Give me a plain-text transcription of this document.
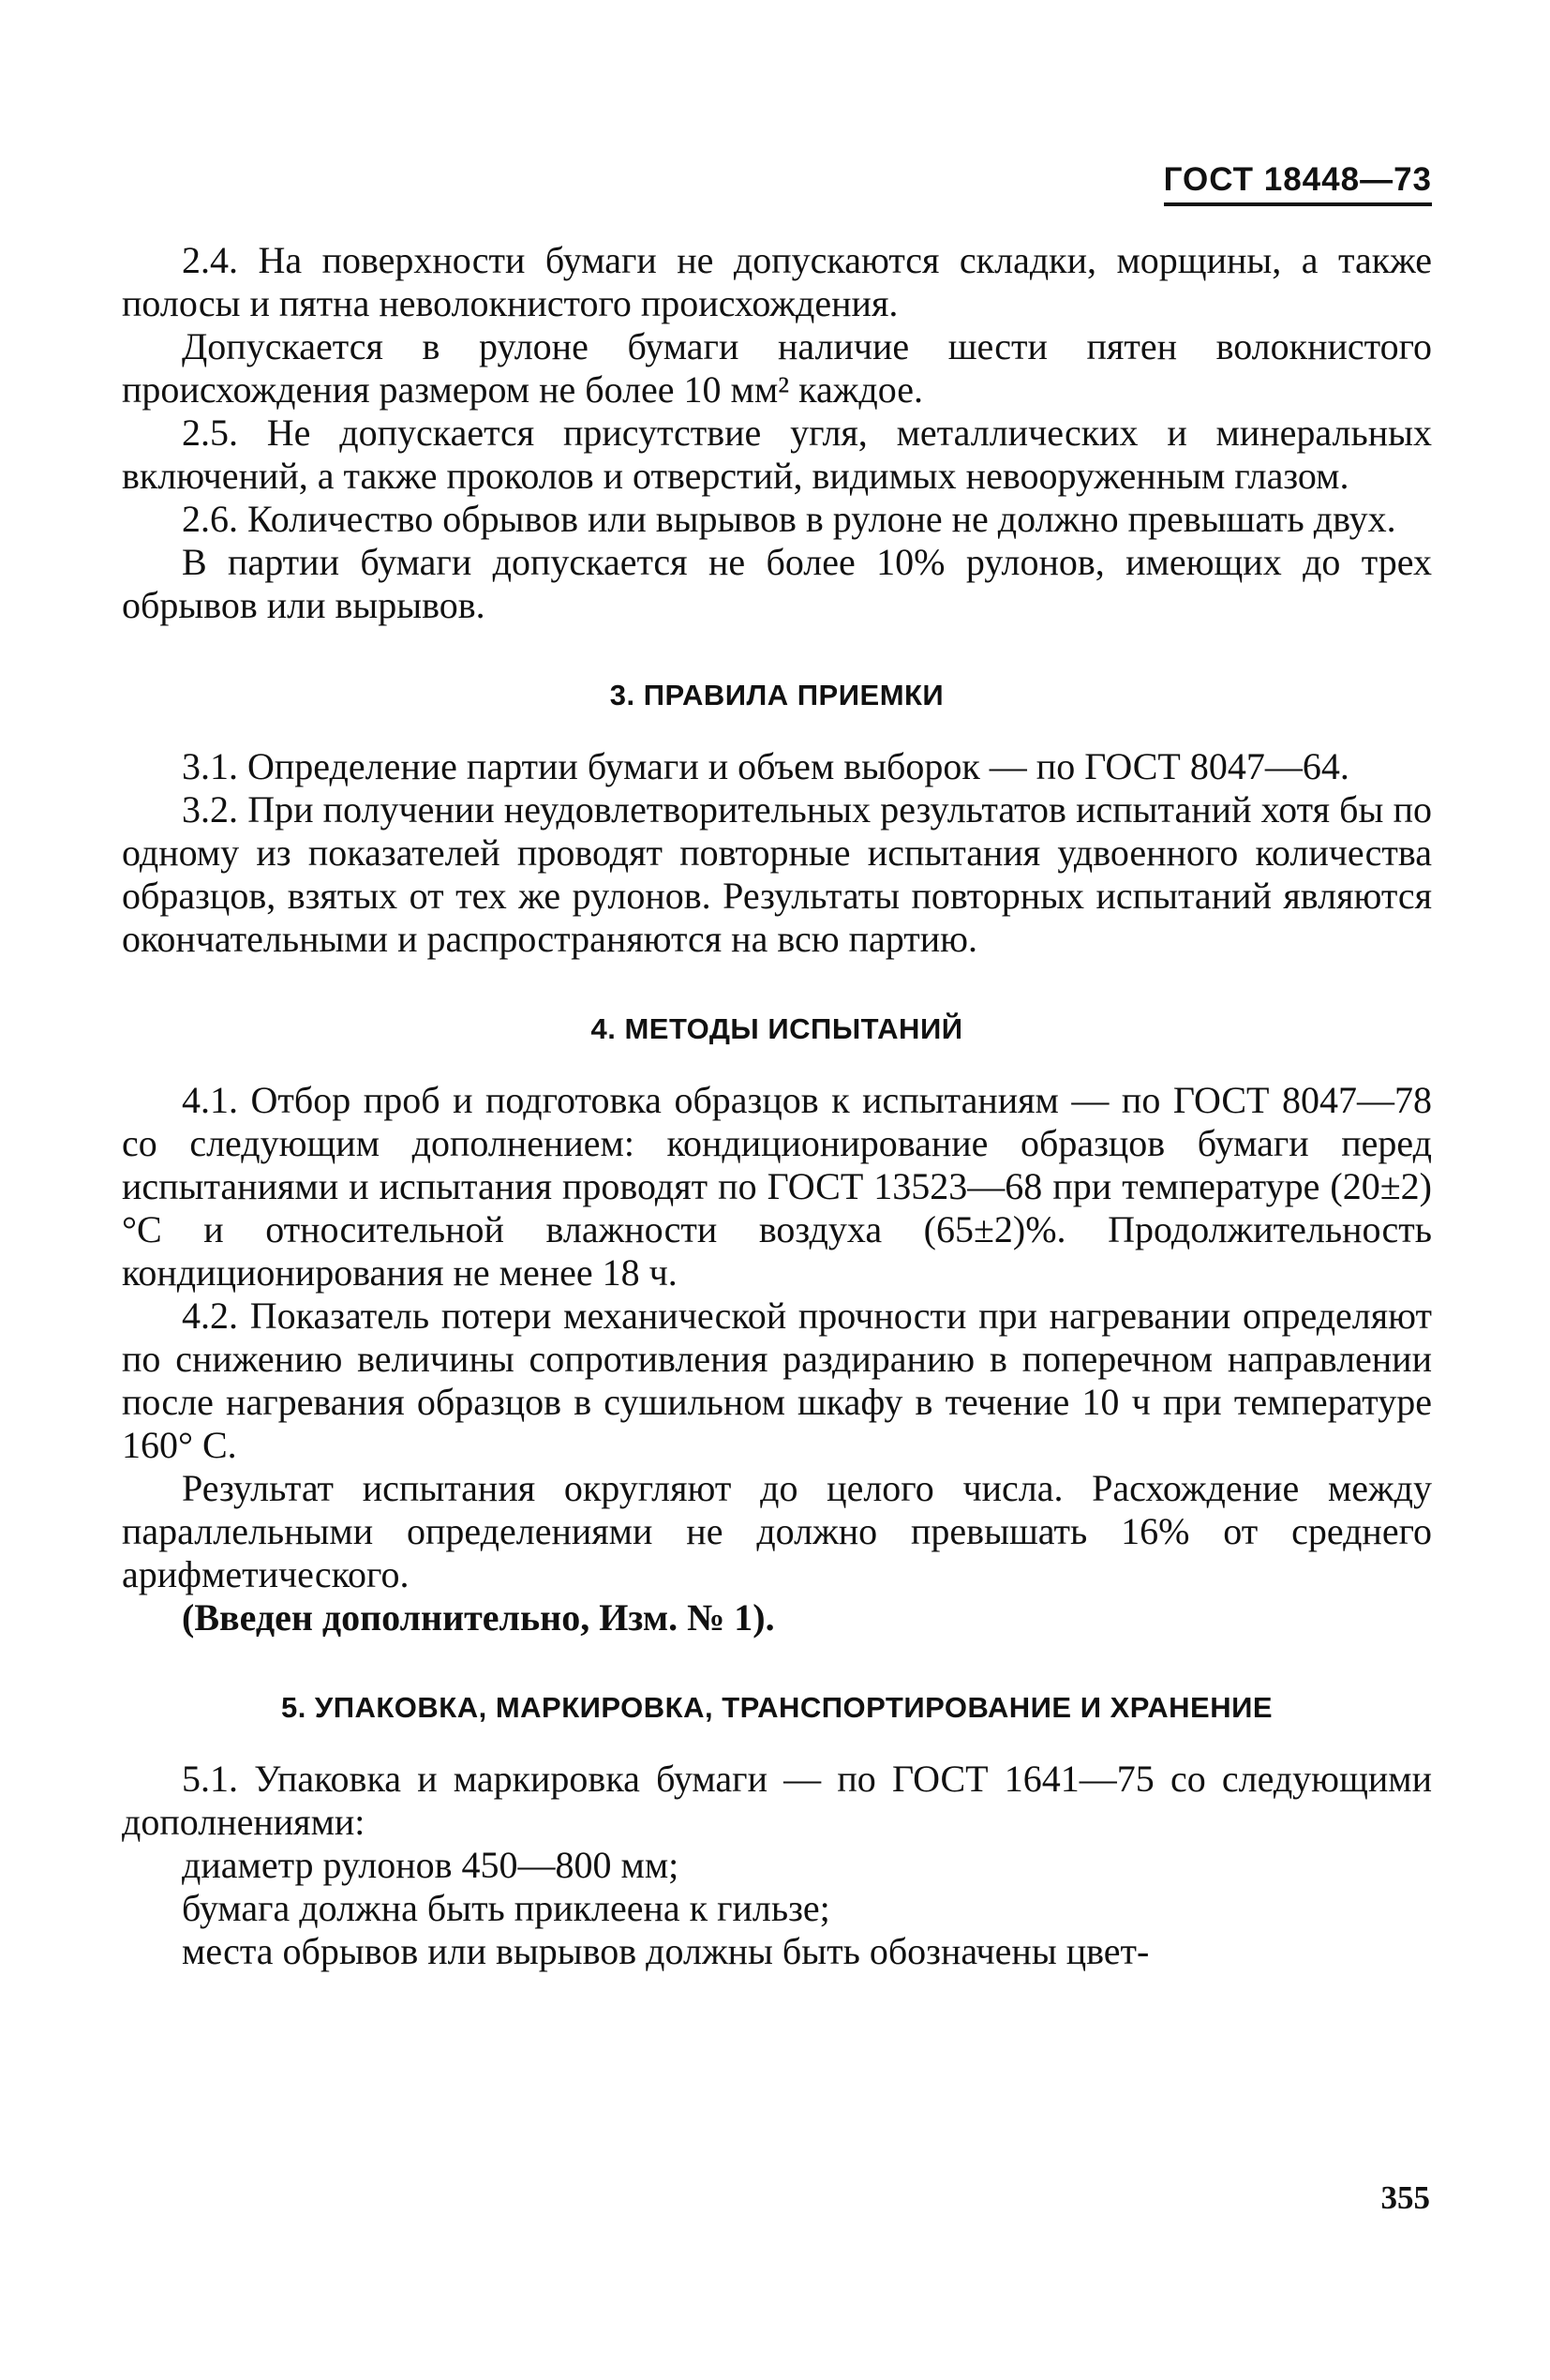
ГОСТ 18448—73

2.4. На поверхности бумаги не допускаются складки, морщины, а также полосы и пятна неволокнистого происхождения.

Допускается в рулоне бумаги наличие шести пятен волокнистого происхождения размером не более 10 мм² каждое.

2.5. Не допускается присутствие угля, металлических и минеральных включений, а также проколов и отверстий, видимых невооруженным глазом.

2.6. Количество обрывов или вырывов в рулоне не должно превышать двух.

В партии бумаги допускается не более 10% рулонов, имеющих до трех обрывов или вырывов.

3. ПРАВИЛА ПРИЕМКИ

3.1. Определение партии бумаги и объем выборок — по ГОСТ 8047—64.

3.2. При получении неудовлетворительных результатов испытаний хотя бы по одному из показателей проводят повторные испытания удвоенного количества образцов, взятых от тех же рулонов. Результаты повторных испытаний являются окончательными и распространяются на всю партию.

4. МЕТОДЫ ИСПЫТАНИЙ

4.1. Отбор проб и подготовка образцов к испытаниям — по ГОСТ 8047—78 со следующим дополнением: кондиционирование образцов бумаги перед испытаниями и испытания проводят по ГОСТ 13523—68 при температуре (20±2)°C и относительной влажности воздуха (65±2)%. Продолжительность кондиционирования не менее 18 ч.

4.2. Показатель потери механической прочности при нагревании определяют по снижению величины сопротивления раздиранию в поперечном направлении после нагревания образцов в сушильном шкафу в течение 10 ч при температуре 160° C.

Результат испытания округляют до целого числа. Расхождение между параллельными определениями не должно превышать 16% от среднего арифметического.

(Введен дополнительно, Изм. № 1).

5. УПАКОВКА, МАРКИРОВКА, ТРАНСПОРТИРОВАНИЕ И ХРАНЕНИЕ

5.1. Упаковка и маркировка бумаги — по ГОСТ 1641—75 со следующими дополнениями:

диаметр рулонов 450—800 мм;

бумага должна быть приклеена к гильзе;

места обрывов или вырывов должны быть обозначены цвет-

355
